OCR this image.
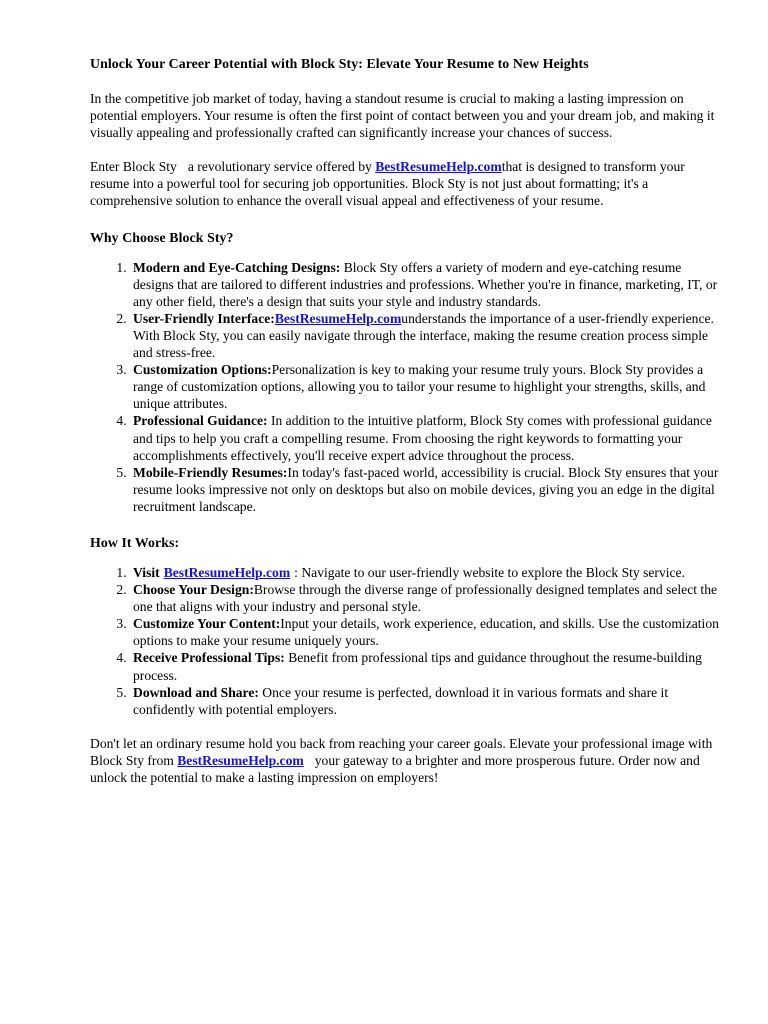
Unlock Your Career Potential with Block Sty: Elevate Your Resume to New Heights

In the competitive job market of today, having a standout resume is crucial to making a lasting impression on potential employers. Your resume is often the first point of contact between you and your dream job, and making it visually appealing and professionally crafted can significantly increase your chances of success.

Enter Block Sty a revolutionary service offered by BestResumeHelp.comthat is designed to transform your resume into a powerful tool for securing job opportunities. Block Sty is not just about formatting; it's a comprehensive solution to enhance the overall visual appeal and effectiveness of your resume.

Why Choose Block Sty?
1. Modern and Eye-Catching Designs: Block Sty offers a variety of modern and eye-catching resume designs that are tailored to different industries and professions. Whether you're in finance, marketing, IT, or any other field, there's a design that suits your style and industry standards.
2. User-Friendly Interface:BestResumeHelp.comunderstands the importance of a user-friendly experience. With Block Sty, you can easily navigate through the interface, making the resume creation process simple and stress-free.
3. Customization Options:Personalization is key to making your resume truly yours. Block Sty provides a range of customization options, allowing you to tailor your resume to highlight your strengths, skills, and unique attributes.
4. Professional Guidance: In addition to the intuitive platform, Block Sty comes with professional guidance and tips to help you craft a compelling resume. From choosing the right keywords to formatting your accomplishments effectively, you'll receive expert advice throughout the process.
5. Mobile-Friendly Resumes:In today's fast-paced world, accessibility is crucial. Block Sty ensures that your resume looks impressive not only on desktops but also on mobile devices, giving you an edge in the digital recruitment landscape.
How It Works:
1. Visit BestResumeHelp.com : Navigate to our user-friendly website to explore the Block Sty service.
2. Choose Your Design:Browse through the diverse range of professionally designed templates and select the one that aligns with your industry and personal style.
3. Customize Your Content:Input your details, work experience, education, and skills. Use the customization options to make your resume uniquely yours.
4. Receive Professional Tips: Benefit from professional tips and guidance throughout the resume-building process.
5. Download and Share: Once your resume is perfected, download it in various formats and share it confidently with potential employers.

Don't let an ordinary resume hold you back from reaching your career goals. Elevate your professional image with Block Sty from BestResumeHelp.com your gateway to a brighter and more prosperous future. Order now and unlock the potential to make a lasting impression on employers!
